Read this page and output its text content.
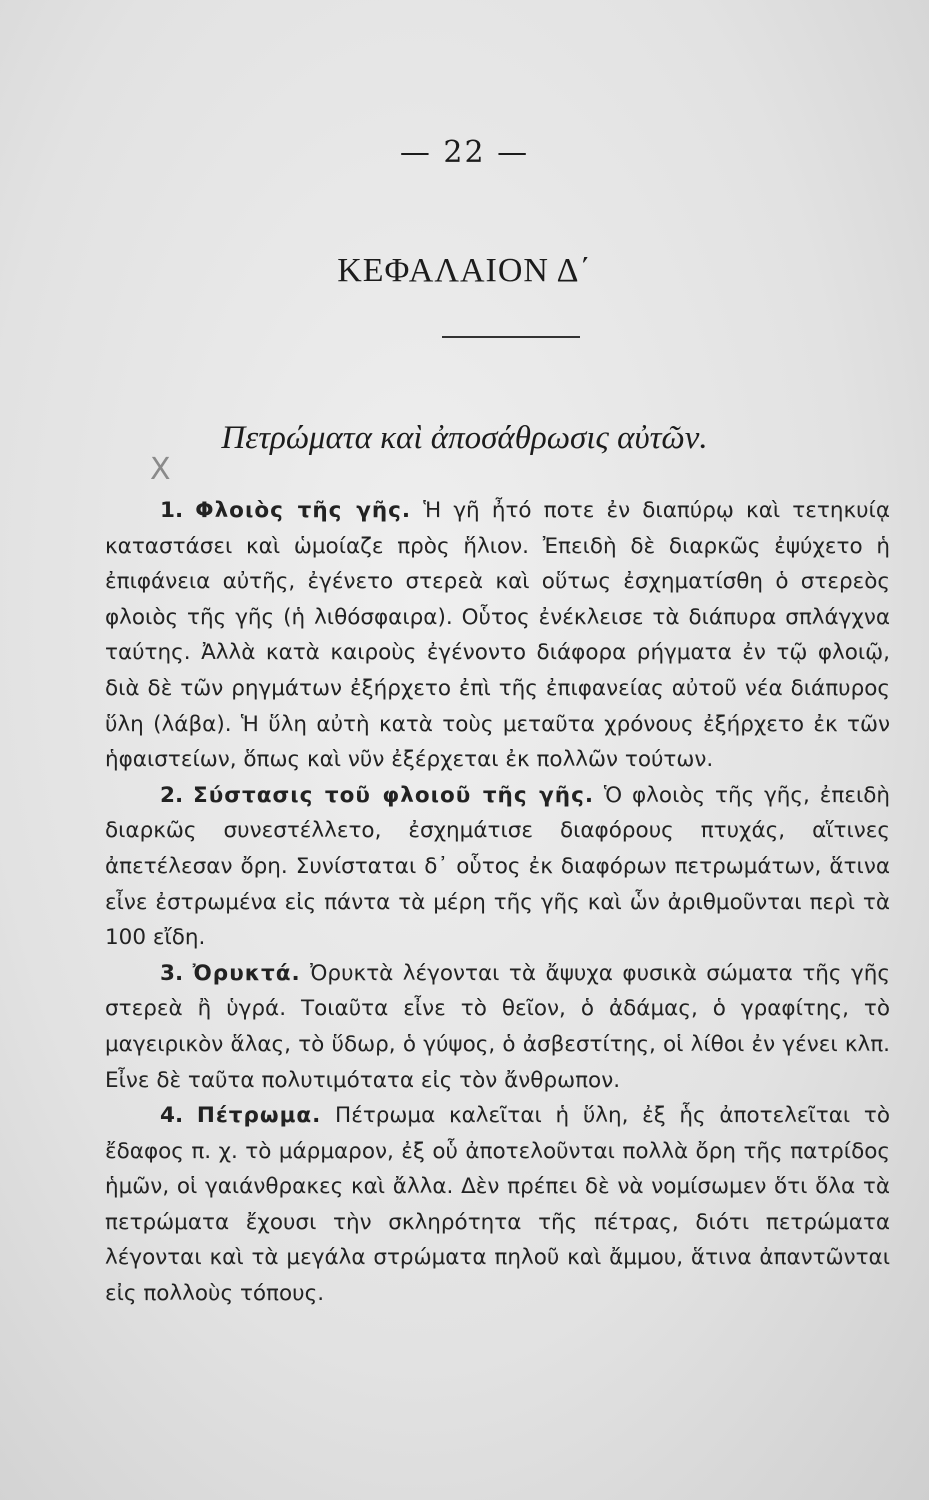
— 22 —
ΚΕΦΑΛΑΙΟΝ Δ΄
Πετρώματα καὶ ἀποσάθρωσις αὐτῶν.
X

1. Φλοιὸς τῆς γῆς. Ἡ γῆ ἦτό ποτε ἐν διαπύρῳ καὶ τετηκυίᾳ καταστάσει καὶ ὡμοίαζε πρὸς ἥλιον. Ἐπειδὴ δὲ διαρκῶς ἐψύχετο ἡ ἐπιφάνεια αὐτῆς, ἐγένετο στερεὰ καὶ οὕτως ἐσχηματίσθη ὁ στερεὸς φλοιὸς τῆς γῆς (ἡ λιθόσφαιρα). Οὗτος ἐνέκλεισε τὰ διάπυρα σπλάγχνα ταύτης. Ἀλλὰ κατὰ καιροὺς ἐγένοντο διάφορα ρήγματα ἐν τῷ φλοιῷ, διὰ δὲ τῶν ρηγμάτων ἐξήρχετο ἐπὶ τῆς ἐπιφανείας αὐτοῦ νέα διάπυρος ὕλη (λάβα). Ἡ ὕλη αὐτὴ κατὰ τοὺς μεταῦτα χρόνους ἐξήρχετο ἐκ τῶν ἡφαιστείων, ὅπως καὶ νῦν ἐξέρχεται ἐκ πολλῶν τούτων.

2. Σύστασις τοῦ φλοιοῦ τῆς γῆς. Ὁ φλοιὸς τῆς γῆς, ἐπειδὴ διαρκῶς συνεστέλλετο, ἐσχημάτισε διαφόρους πτυχάς, αἵτινες ἀπετέλεσαν ὄρη. Συνίσταται δ᾽ οὗτος ἐκ διαφόρων πετρωμάτων, ἅτινα εἶνε ἐστρωμένα εἰς πάντα τὰ μέρη τῆς γῆς καὶ ὧν ἀριθμοῦνται περὶ τὰ 100 εἴδη.

3. Ὀρυκτά. Ὀρυκτὰ λέγονται τὰ ἄψυχα φυσικὰ σώματα τῆς γῆς στερεὰ ἢ ὑγρά. Τοιαῦτα εἶνε τὸ θεῖον, ὁ ἀδάμας, ὁ γραφίτης, τὸ μαγειρικὸν ἅλας, τὸ ὕδωρ, ὁ γύψος, ὁ ἀσβεστίτης, οἱ λίθοι ἐν γένει κλπ. Εἶνε δὲ ταῦτα πολυτιμότατα εἰς τὸν ἄνθρωπον.

4. Πέτρωμα. Πέτρωμα καλεῖται ἡ ὕλη, ἐξ ἧς ἀποτελεῖται τὸ ἔδαφος π. χ. τὸ μάρμαρον, ἐξ οὗ ἀποτελοῦνται πολλὰ ὄρη τῆς πατρίδος ἡμῶν, οἱ γαιάνθρακες καὶ ἄλλα. Δὲν πρέπει δὲ νὰ νομίσωμεν ὅτι ὅλα τὰ πετρώματα ἔχουσι τὴν σκληρότητα τῆς πέτρας, διότι πετρώματα λέγονται καὶ τὰ μεγάλα στρώματα πηλοῦ καὶ ἄμμου, ἅτινα ἀπαντῶνται εἰς πολλοὺς τόπους.
